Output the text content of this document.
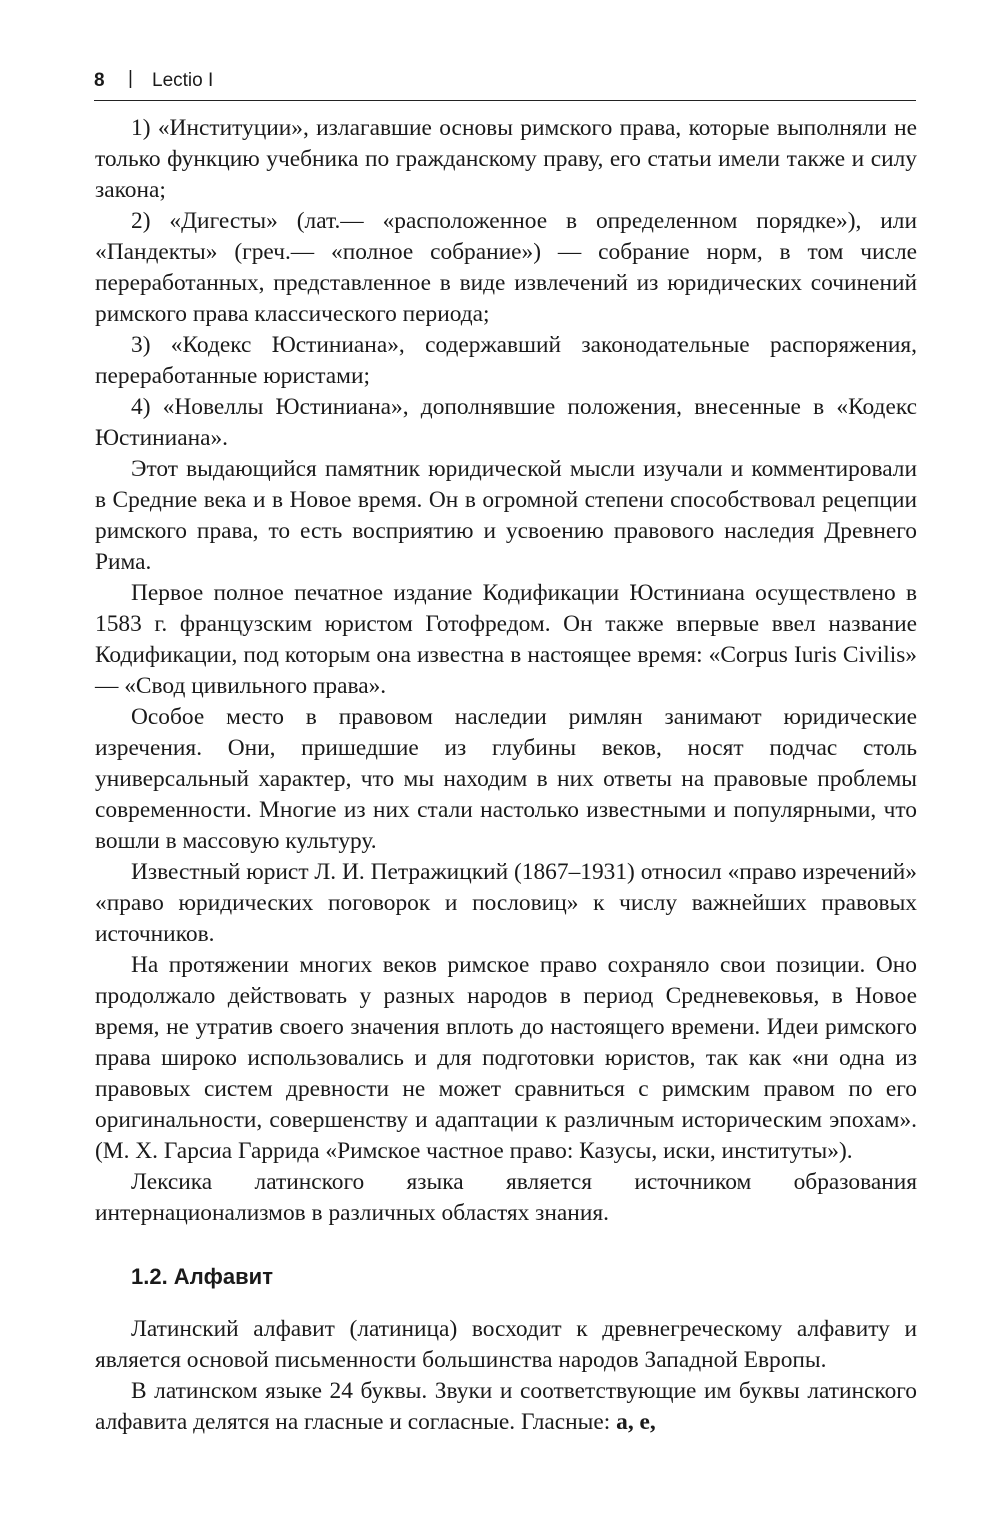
8 | Lectio I

1) «Институции», излагавшие основы римского права, которые выполняли не только функцию учебника по гражданскому праву, его статьи имели также и силу закона;

2) «Дигесты» (лат.— «расположенное в определенном порядке»), или «Пандекты» (греч.— «полное собрание») — собрание норм, в том числе переработанных, представленное в виде извлечений из юридических сочинений римского права классического периода;

3) «Кодекс Юстиниана», содержавший законодательные распоряжения, переработанные юристами;

4) «Новеллы Юстиниана», дополнявшие положения, внесенные в «Кодекс Юстиниана».

Этот выдающийся памятник юридической мысли изучали и комментировали в Средние века и в Новое время. Он в огромной степени способствовал рецепции римского права, то есть восприятию и усвоению правового наследия Древнего Рима.

Первое полное печатное издание Кодификации Юстиниана осуществлено в 1583 г. французским юристом Готофредом. Он также впервые ввел название Кодификации, под которым она известна в настоящее время: «Corpus Iuris Civilis» — «Свод цивильного права».

Особое место в правовом наследии римлян занимают юридические изречения. Они, пришедшие из глубины веков, носят подчас столь универсальный характер, что мы находим в них ответы на правовые проблемы современности. Многие из них стали настолько известными и популярными, что вошли в массовую культуру.

Известный юрист Л. И. Петражицкий (1867–1931) относил «право изречений» «право юридических поговорок и пословиц» к числу важнейших правовых источников.

На протяжении многих веков римское право сохраняло свои позиции. Оно продолжало действовать у разных народов в период Средневековья, в Новое время, не утратив своего значения вплоть до настоящего времени. Идеи римского права широко использовались и для подготовки юристов, так как «ни одна из правовых систем древности не может сравниться с римским правом по его оригинальности, совершенству и адаптации к различным историческим эпохам». (М. Х. Гарсиа Гаррида «Римское частное право: Казусы, иски, институты»).

Лексика латинского языка является источником образования интернационализмов в различных областях знания.

1.2. Алфавит

Латинский алфавит (латиница) восходит к древнегреческому алфавиту и является основой письменности большинства народов Западной Европы.

В латинском языке 24 буквы. Звуки и соответствующие им буквы латинского алфавита делятся на гласные и согласные. Гласные: a, e,
